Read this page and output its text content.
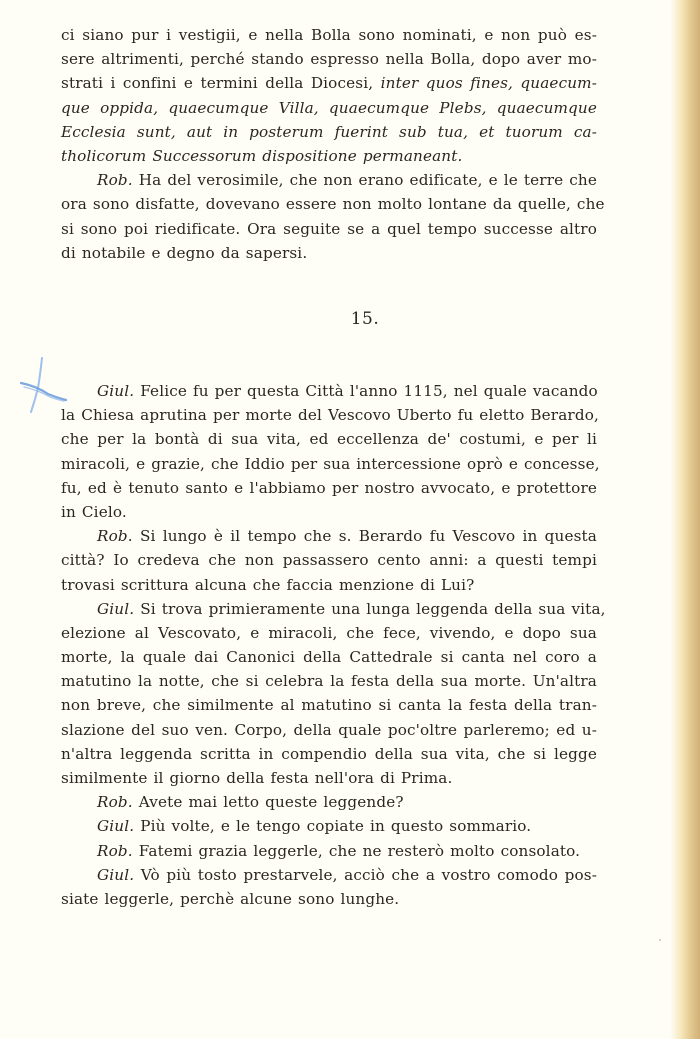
ci siano pur i vestigii, e nella Bolla sono nominati, e non può es-
sere altrimenti, perché stando espresso nella Bolla, dopo aver mo-
strati i confini e termini della Diocesi, inter quos fines, quaecum-
que oppida, quaecumque Villa, quaecumque Plebs, quaecumque
Ecclesia sunt, aut in posterum fuerint sub tua, et tuorum ca-
tholicorum Successorum dispositione permaneant.
Rob. Ha del verosimile, che non erano edificate, e le terre che
ora sono disfatte, dovevano essere non molto lontane da quelle, che
si sono poi riedificate. Ora seguite se a quel tempo successe altro
di notabile e degno da sapersi.
15.
Giul. Felice fu per questa Città l'anno 1115, nel quale vacando
la Chiesa aprutina per morte del Vescovo Uberto fu eletto Berardo,
che per la bontà di sua vita, ed eccellenza de' costumi, e per li
miracoli, e grazie, che Iddio per sua intercessione oprò e concesse,
fu, ed è tenuto santo e l'abbiamo per nostro avvocato, e protettore
in Cielo.
Rob. Si lungo è il tempo che s. Berardo fu Vescovo in questa
città? Io credeva che non passassero cento anni: a questi tempi
trovasi scrittura alcuna che faccia menzione di Lui?
Giul. Si trova primieramente una lunga leggenda della sua vita,
elezione al Vescovato, e miracoli, che fece, vivendo, e dopo sua
morte, la quale dai Canonici della Cattedrale si canta nel coro a
matutino la notte, che si celebra la festa della sua morte. Un'altra
non breve, che similmente al matutino si canta la festa della tran-
slazione del suo ven. Corpo, della quale poc'oltre parleremo; ed u-
n'altra leggenda scritta in compendio della sua vita, che si legge
similmente il giorno della festa nell'ora di Prima.
Rob. Avete mai letto queste leggende?
Giul. Più volte, e le tengo copiate in questo sommario.
Rob. Fatemi grazia leggerle, che ne resterò molto consolato.
Giul. Vò più tosto prestarvele, acciò che a vostro comodo pos-
siate leggerle, perchè alcune sono lunghe.
